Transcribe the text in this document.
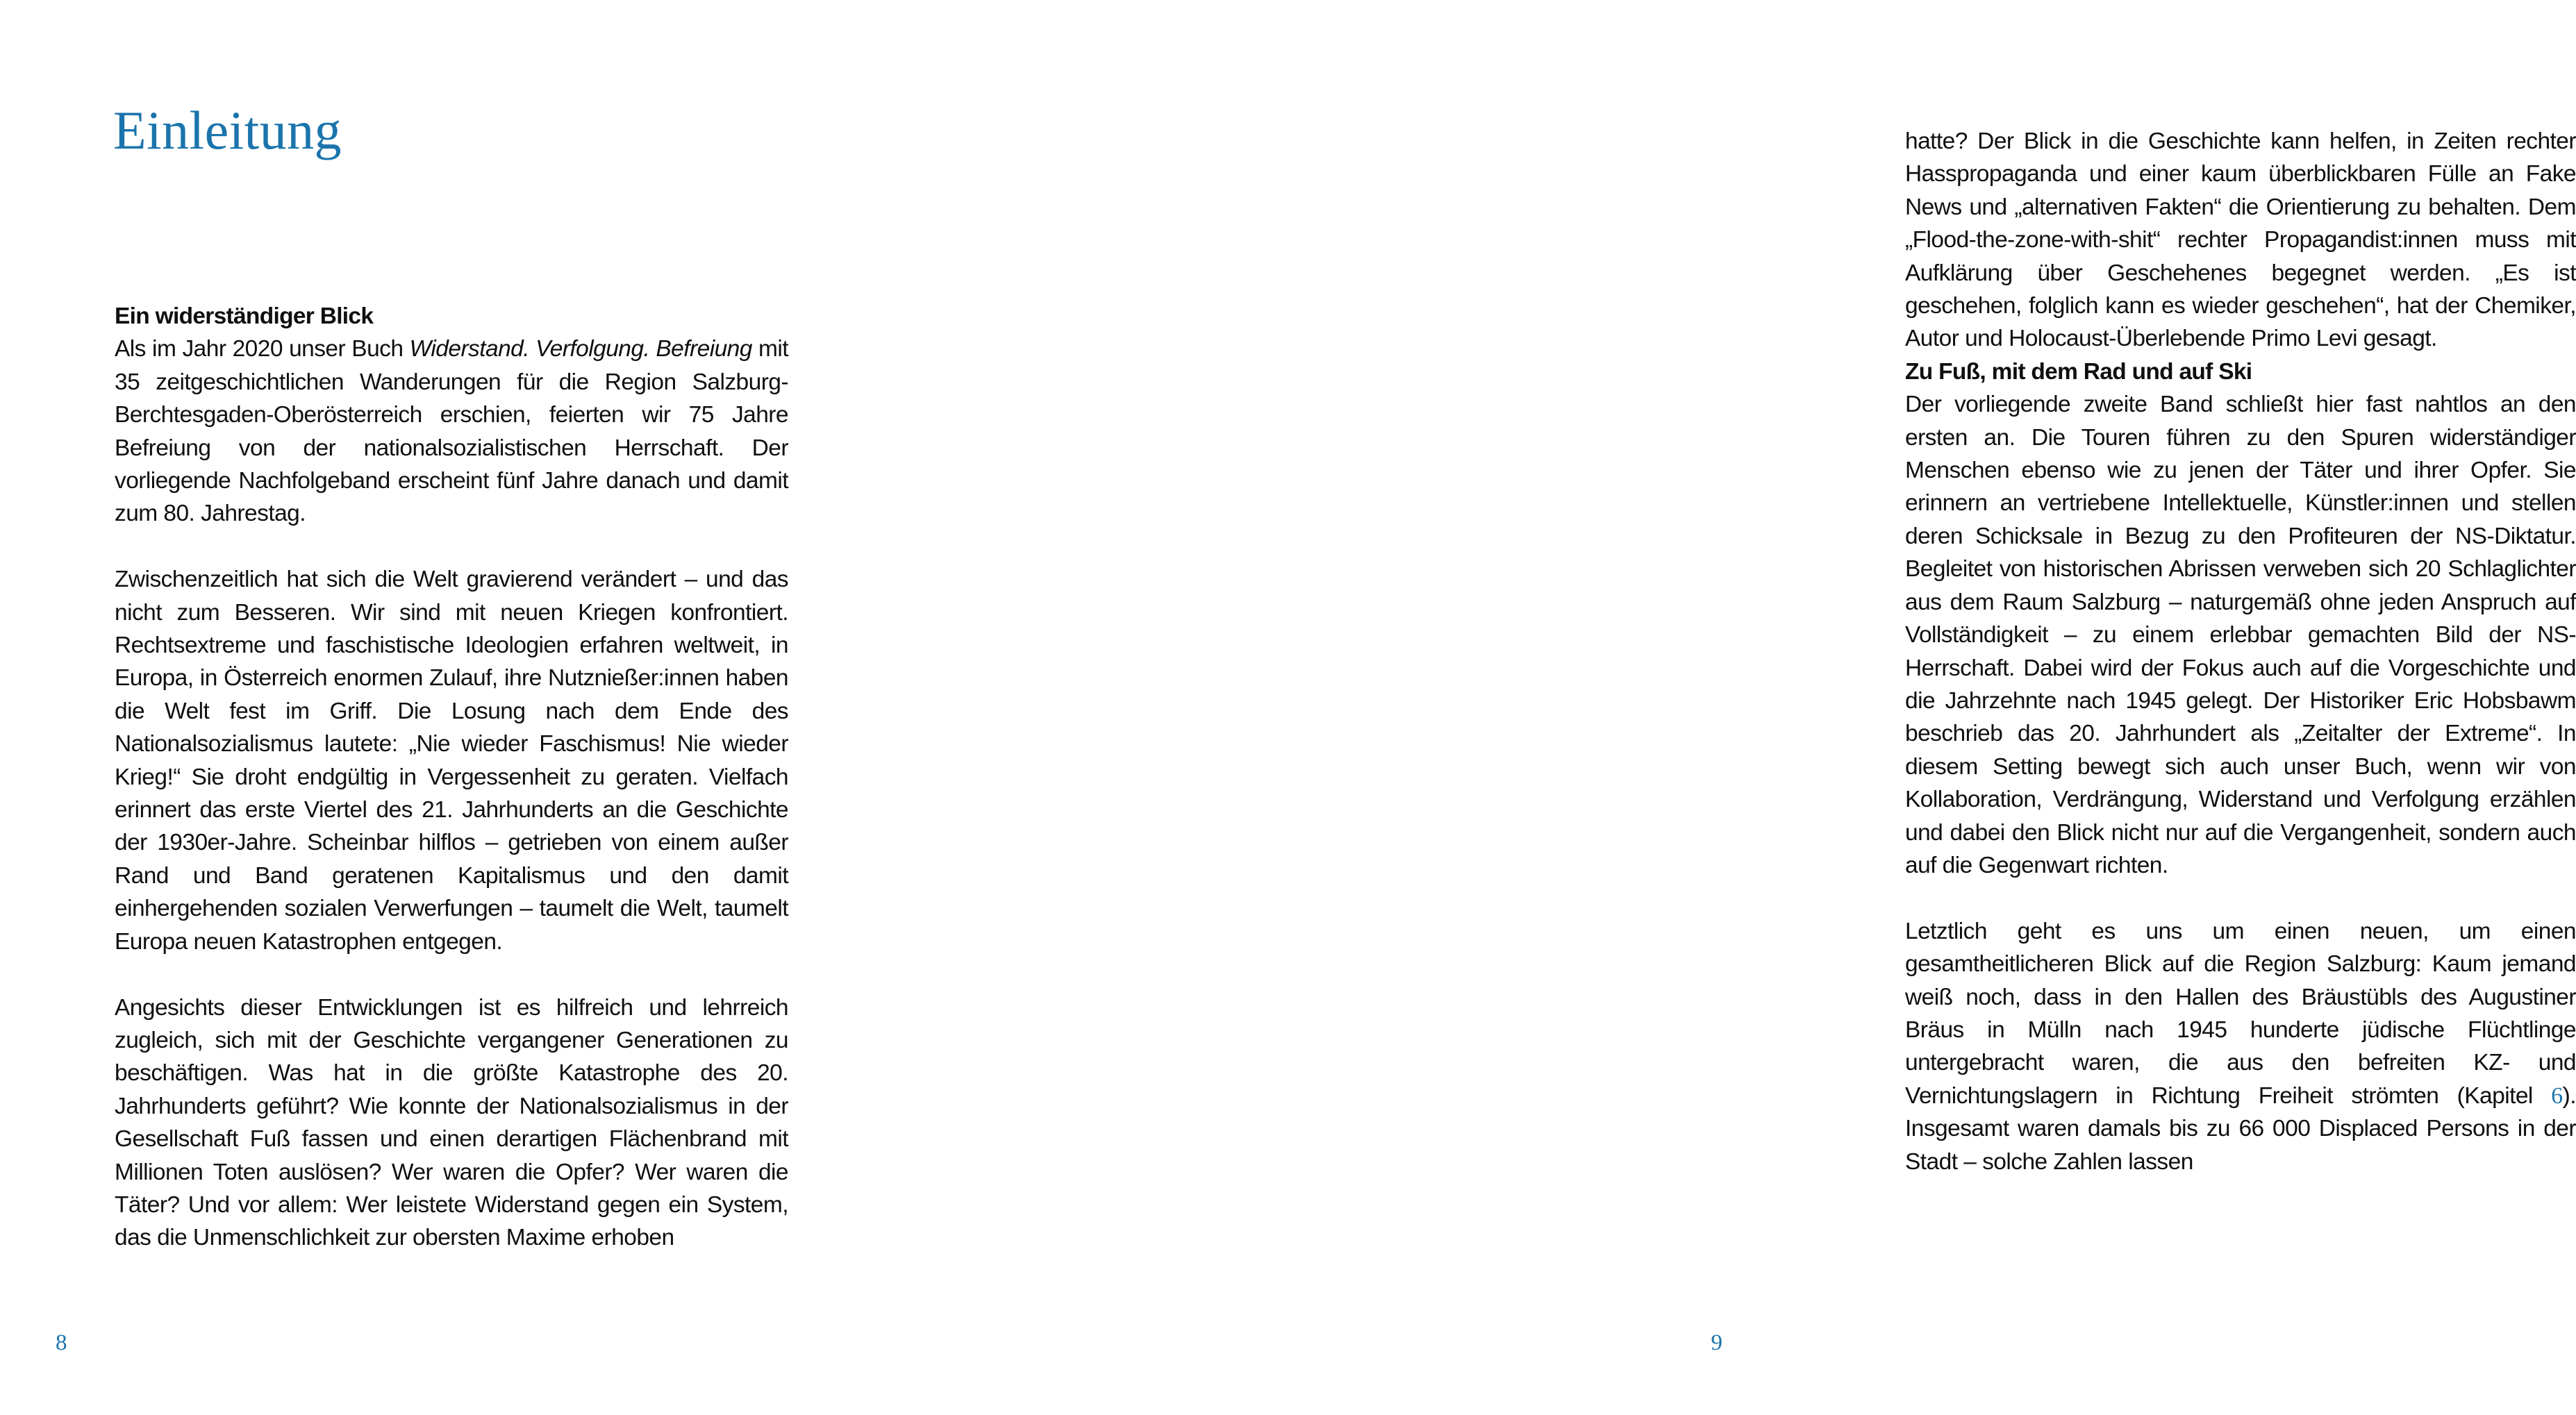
Einleitung
Ein widerständiger Blick

Als im Jahr 2020 unser Buch Widerstand. Verfolgung. Befreiung mit 35 zeitgeschichtlichen Wanderungen für die Region Salzburg-Berchtesgaden-Oberösterreich erschien, feierten wir 75 Jahre Befreiung von der nationalsozialistischen Herrschaft. Der vorliegende Nachfolgeband erscheint fünf Jahre danach und damit zum 80. Jahrestag.

Zwischenzeitlich hat sich die Welt gravierend verändert – und das nicht zum Besseren. Wir sind mit neuen Kriegen konfrontiert. Rechtsextreme und faschistische Ideologien erfahren weltweit, in Europa, in Österreich enormen Zulauf, ihre Nutznießer:innen haben die Welt fest im Griff. Die Losung nach dem Ende des Nationalsozialismus lautete: „Nie wieder Faschismus! Nie wieder Krieg!“ Sie droht endgültig in Vergessenheit zu geraten. Vielfach erinnert das erste Viertel des 21. Jahrhunderts an die Geschichte der 1930er-Jahre. Scheinbar hilflos – getrieben von einem außer Rand und Band geratenen Kapitalismus und den damit einhergehenden sozialen Verwerfungen – taumelt die Welt, taumelt Europa neuen Katastrophen entgegen.

Angesichts dieser Entwicklungen ist es hilfreich und lehrreich zugleich, sich mit der Geschichte vergangener Generationen zu beschäftigen. Was hat in die größte Katastrophe des 20. Jahrhunderts geführt? Wie konnte der Nationalsozialismus in der Gesellschaft Fuß fassen und einen derartigen Flächenbrand mit Millionen Toten auslösen? Wer waren die Opfer? Wer waren die Täter? Und vor allem: Wer leistete Widerstand gegen ein System, das die Unmenschlichkeit zur obersten Maxime erhoben

8

hatte? Der Blick in die Geschichte kann helfen, in Zeiten rechter Hasspropaganda und einer kaum überblickbaren Fülle an Fake News und „alternativen Fakten“ die Orientierung zu behalten. Dem „Flood-the-zone-with-shit“ rechter Propagandist:innen muss mit Aufklärung über Geschehenes begegnet werden. „Es ist geschehen, folglich kann es wieder geschehen“, hat der Chemiker, Autor und Holocaust-Überlebende Primo Levi gesagt.

Zu Fuß, mit dem Rad und auf Ski

Der vorliegende zweite Band schließt hier fast nahtlos an den ersten an. Die Touren führen zu den Spuren widerständiger Menschen ebenso wie zu jenen der Täter und ihrer Opfer. Sie erinnern an vertriebene Intellektuelle, Künstler:innen und stellen deren Schicksale in Bezug zu den Profiteuren der NS-Diktatur. Begleitet von historischen Abrissen verweben sich 20 Schlaglichter aus dem Raum Salzburg – naturgemäß ohne jeden Anspruch auf Vollständigkeit – zu einem erlebbar gemachten Bild der NS-Herrschaft. Dabei wird der Fokus auch auf die Vorgeschichte und die Jahrzehnte nach 1945 gelegt. Der Historiker Eric Hobsbawm beschrieb das 20. Jahrhundert als „Zeitalter der Extreme“. In diesem Setting bewegt sich auch unser Buch, wenn wir von Kollaboration, Verdrängung, Widerstand und Verfolgung erzählen und dabei den Blick nicht nur auf die Vergangenheit, sondern auch auf die Gegenwart richten.

Letztlich geht es uns um einen neuen, um einen gesamtheitlicheren Blick auf die Region Salzburg: Kaum jemand weiß noch, dass in den Hallen des Bräustübls des Augustiner Bräus in Mülln nach 1945 hunderte jüdische Flüchtlinge untergebracht waren, die aus den befreiten KZ- und Vernichtungslagern in Richtung Freiheit strömten (Kapitel 6). Insgesamt waren damals bis zu 66 000 Displaced Persons in der Stadt – solche Zahlen lassen

9
